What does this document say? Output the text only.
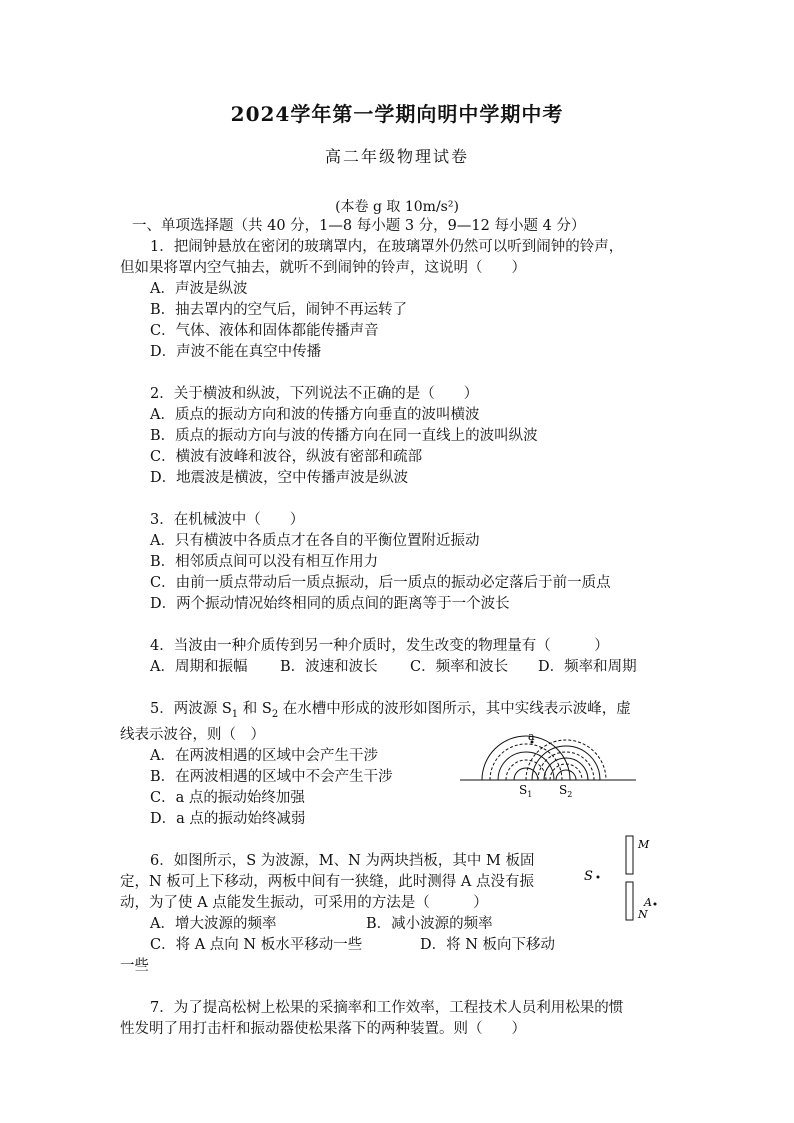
2024学年第一学期向明中学期中考
高二年级物理试卷
(本卷 g 取 10m/s²)
一、单项选择题（共 40 分，1—8 每小题 3 分，9—12 每小题 4 分）
1．把闹钟悬放在密闭的玻璃罩内，在玻璃罩外仍然可以听到闹钟的铃声，
但如果将罩内空气抽去，就听不到闹钟的铃声，这说明（　　）
A．声波是纵波
B．抽去罩内的空气后，闹钟不再运转了
C．气体、液体和固体都能传播声音
D．声波不能在真空中传播
2．关于横波和纵波，下列说法不正确的是（　　）
A．质点的振动方向和波的传播方向垂直的波叫横波
B．质点的振动方向与波的传播方向在同一直线上的波叫纵波
C．横波有波峰和波谷，纵波有密部和疏部
D．地震波是横波，空中传播声波是纵波
3．在机械波中（　　）
A．只有横波中各质点才在各自的平衡位置附近振动
B．相邻质点间可以没有相互作用力
C．由前一质点带动后一质点振动，后一质点的振动必定落后于前一质点
D．两个振动情况始终相同的质点间的距离等于一个波长
4．当波由一种介质传到另一种介质时，发生改变的物理量有（　　　）
A．周期和振幅 B．波速和波长 C．频率和波长 D．频率和周期
5．两波源 $S_1$ 和 $S_2$ 在水槽中形成的波形如图所示，其中实线表示波峰，虚
线表示波谷，则（　）
A．在两波相遇的区域中会产生干涉
B．在两波相遇的区域中不会产生干涉
C．a 点的振动始终加强
D．a 点的振动始终减弱
6．如图所示，S 为波源，M、N 为两块挡板，其中 M 板固
定，N 板可上下移动，两板中间有一狭缝，此时测得 A 点没有振
动，为了使 A 点能发生振动，可采用的方法是（　　　）
A．增大波源的频率	B．减小波源的频率
C．将 A 点向 N 板水平移动一些	D．将 N 板向下移动
一些
7．为了提高松树上松果的采摘率和工作效率，工程技术人员利用松果的惯
性发明了用打击杆和振动器使松果落下的两种装置。则（　　）
a
$S_1$ $S_2$
M
N
S
A
